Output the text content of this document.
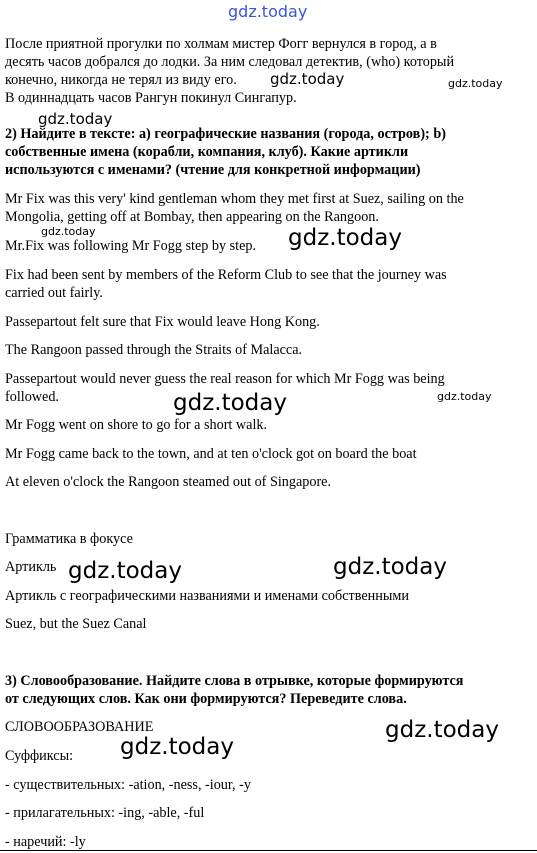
После приятной прогулки по холмам мистер Фогг вернулся в город, а в

десять часов добрался до лодки. За ним следовал детектив, (who) который

конечно, никогда не терял из виду его.

В одиннадцать часов Рангун покинул Сингапур.

2) Найдите в тексте: а) географические названия (города, остров); b)

собственные имена (корабли, компания, клуб). Какие артикли

используются с именами? (чтение для конкретной информации)

Mr Fix was this very' kind gentleman whom they met first at Suez, sailing on the

Mongolia, getting off at Bombay, then appearing on the Rangoon.

Mr.Fix was following Mr Fogg step by step.

Fix had been sent by members of the Reform Club to see that the journey was

carried out fairly.

Passepartout felt sure that Fix would leave Hong Kong.

The Rangoon passed through the Straits of Malacca.

Passepartout would never guess the real reason for which Mr Fogg was being

followed.

Mr Fogg went on shore to go for a short walk.

Mr Fogg came back to the town, and at ten o'clock got on board the boat

At eleven o'clock the Rangoon steamed out of Singapore.

Грамматика в фокусе

Артикль

Артикль с географическими названиями и именами собственными

Suez, but the Suez Canal

3) Словообразование. Найдите слова в отрывке, которые формируются

от следующих слов. Как они формируются? Переведите слова.

СЛОВООБРАЗОВАНИЕ

Суффиксы:

- существительных: -ation, -ness, -iour, -y

- прилагательных: -ing, -able, -ful

- наречий: -ly

gdz.today
gdz.today	gdz.today
gdz.today
gdz.today	gdz.today
gdz.today	gdz.today
gdz.today	gdz.today
gdz.today
gdz.today
